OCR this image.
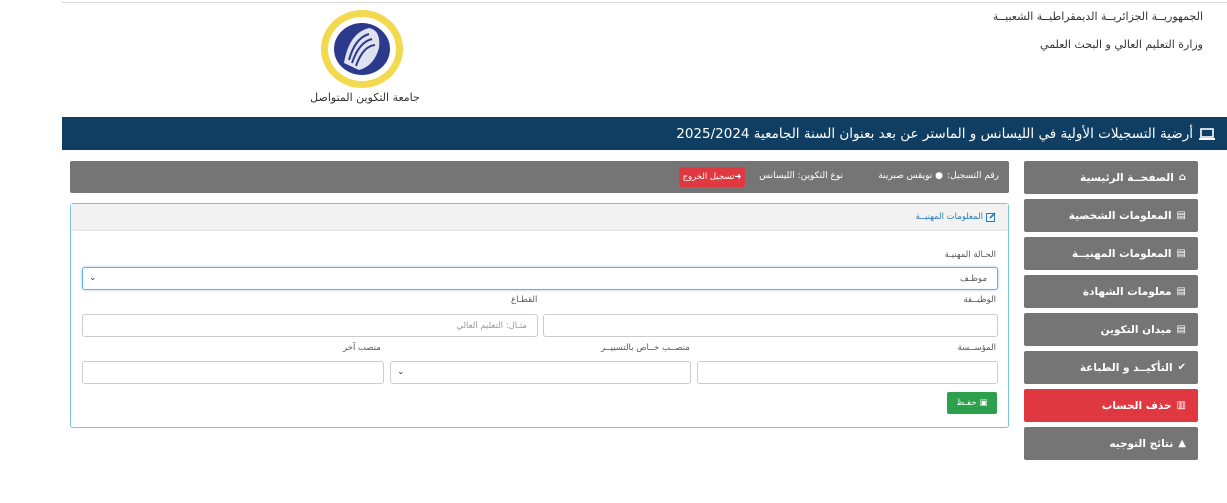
الجمهوريــة الجزائريــة الديمقراطيــة الشعبيــة
وزارة التعليم العالي و البحث العلمي
جامعة التكوين المتواصل
أرضية التسجيلات الأولية في الليسانس و الماستر عن بعد بعنوان السنة الجامعية 2025/2024
⌂
الصفحــة الرئيسية
▤
المعلومات الشخصية
▤
المعلومات المهنيــة
▤
معلومات الشهادة
▤
ميدان التكوين
✔
التأكيــد و الطباعة
▥
حذف الحساب
▲
نتائج التوجيه
رقم التسجيل:
● نويقس صبرينة
نوع التكوين: الليسانس
➜
تسجيل الخروج
المعلومات المهنيــة
الحـالة المهنيـة
موظـف
⌄
الوظيــفة
القطـاع
مثـال: التعليم العالي
المؤســسة
منصــب خــاص بالتسييــر
منصب آخر
⌄
▣
حفـظ
